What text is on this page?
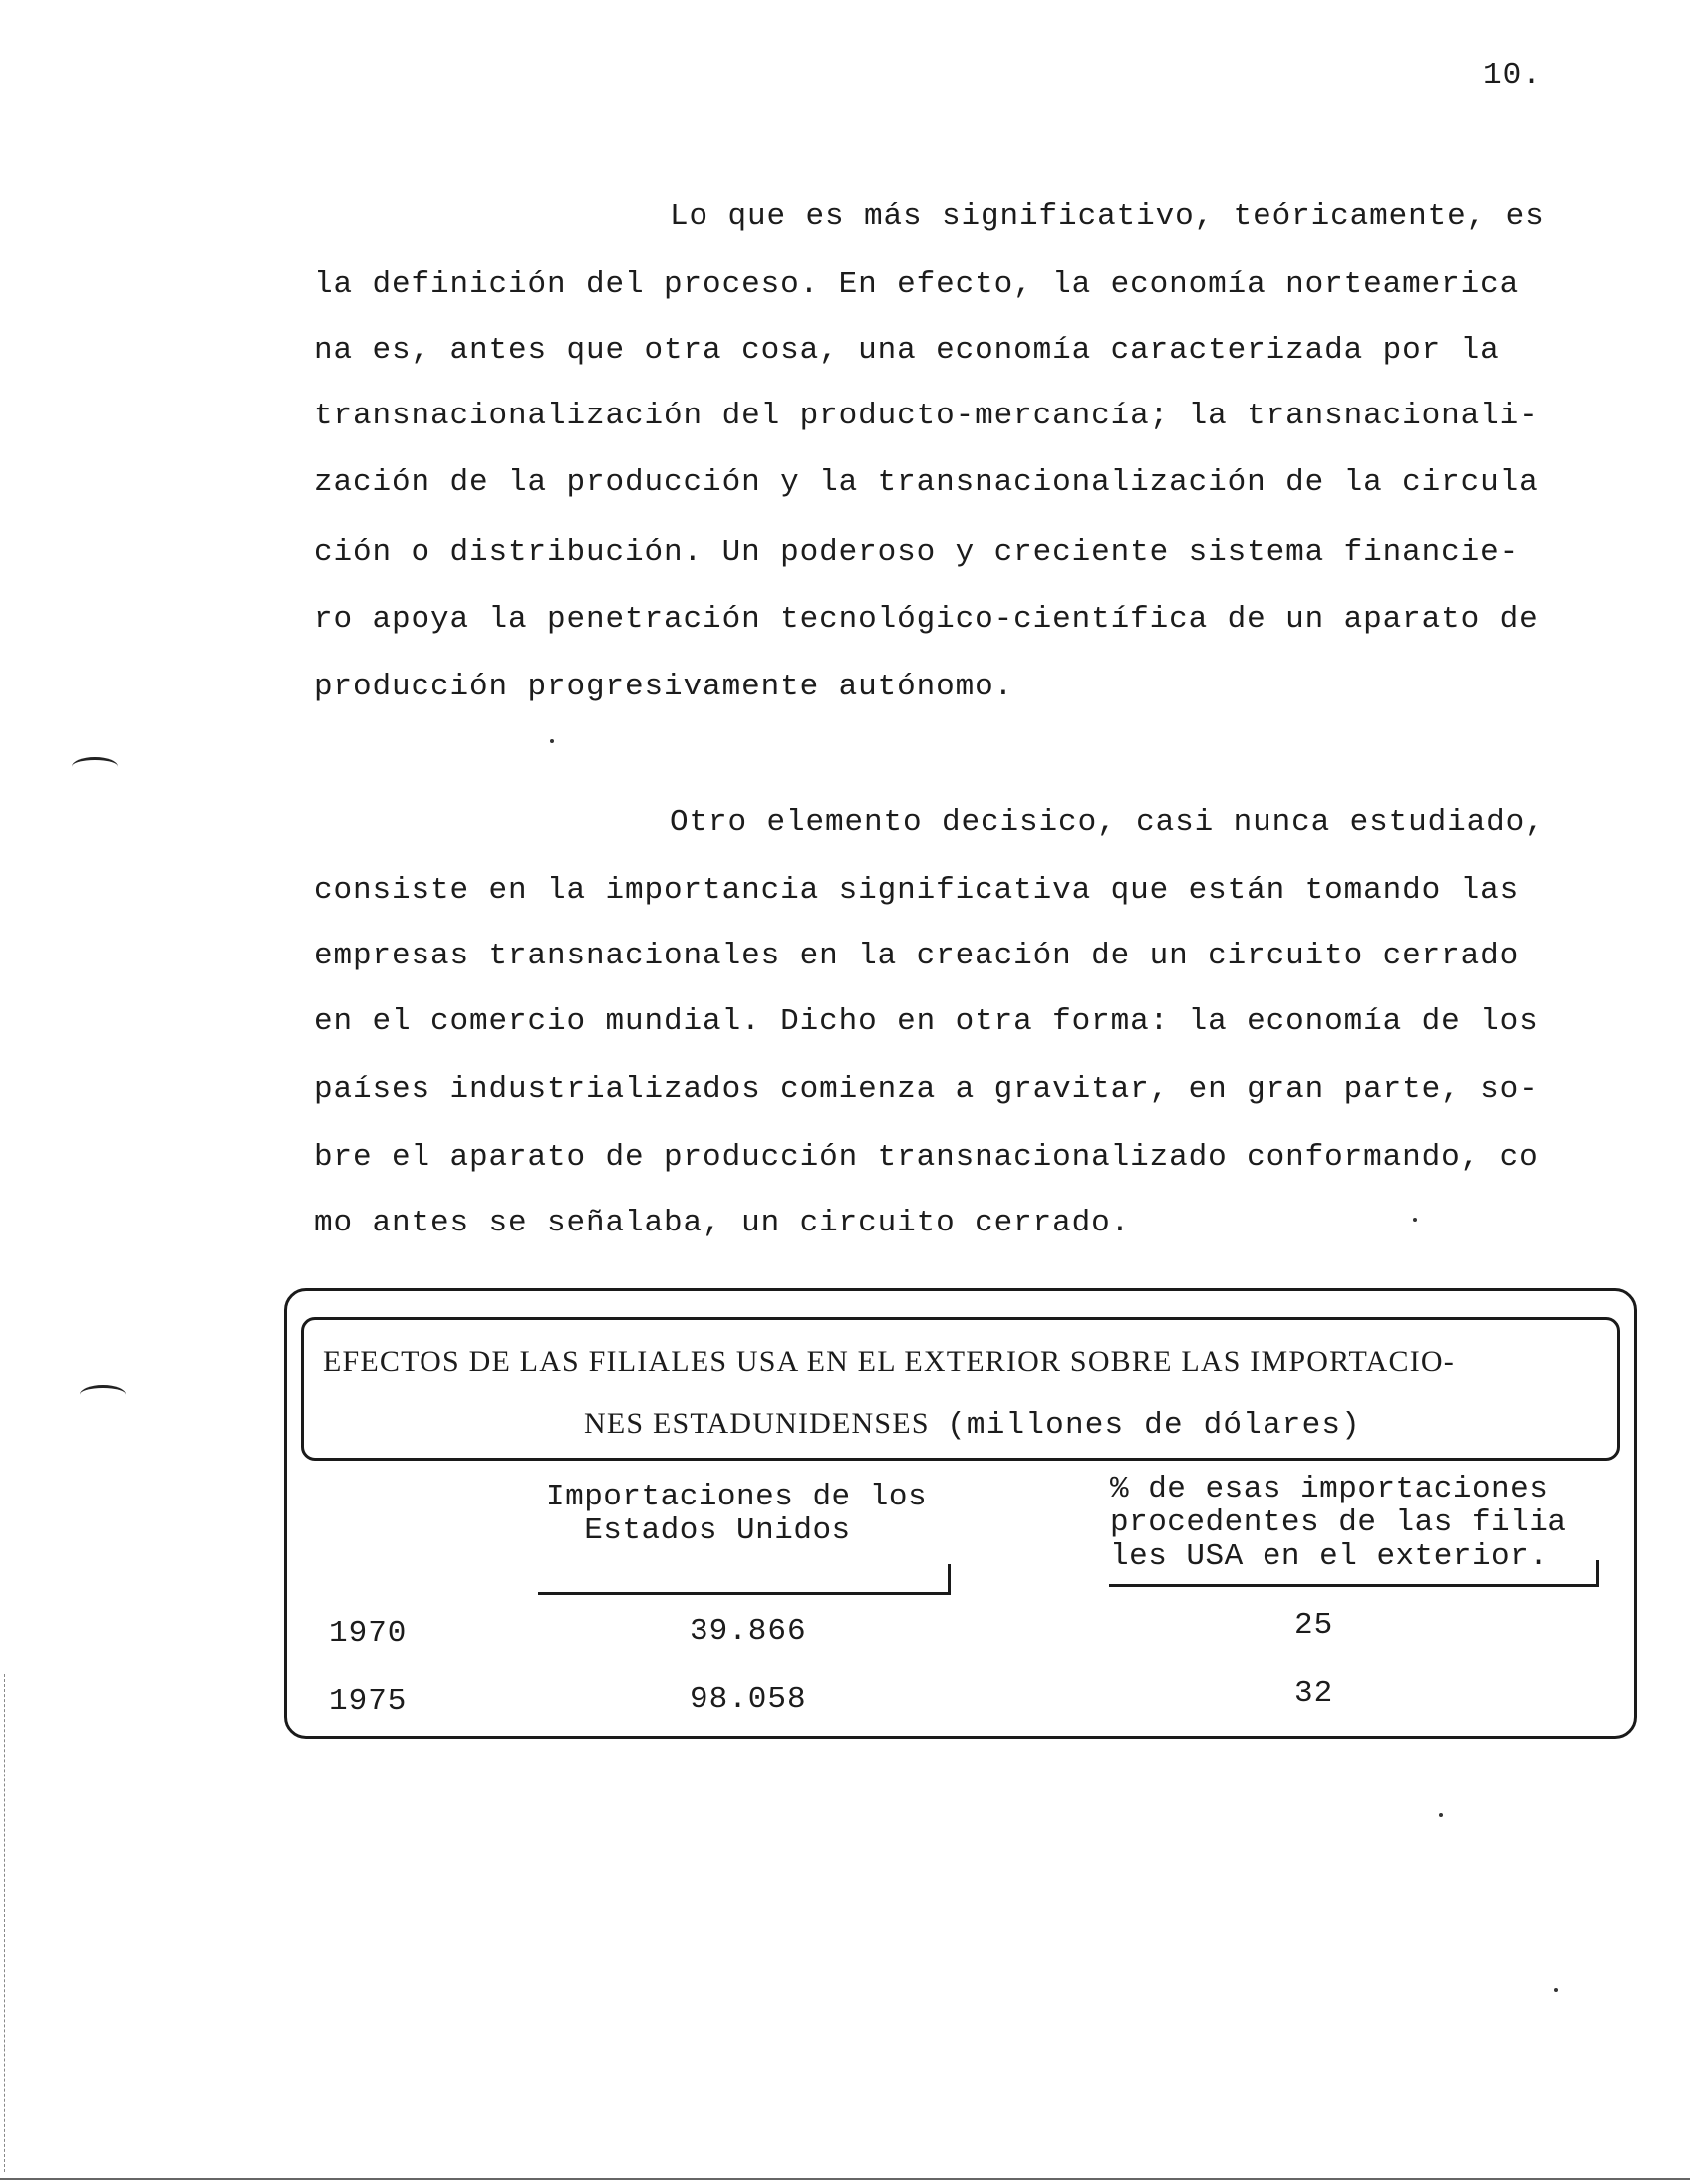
10.
Lo que es más significativo, teóricamente, es
la definición del proceso. En efecto, la economía norteamerica
na es, antes que otra cosa, una economía caracterizada por la
transnacionalización del producto-mercancía; la transnacionali-
zación de la producción y la transnacionalización de la circula
ción o distribución. Un poderoso y creciente sistema financie-
ro apoya la penetración tecnológico-científica de un aparato de
producción progresivamente autónomo.
Otro elemento decisico, casi nunca estudiado,
consiste en la importancia significativa que están tomando las
empresas transnacionales en la creación de un circuito cerrado
en el comercio mundial. Dicho en otra forma: la economía de los
países industrializados comienza a gravitar, en gran parte, so-
bre el aparato de producción transnacionalizado conformando, co
mo antes se señalaba, un circuito cerrado.
EFECTOS DE LAS FILIALES USA EN EL EXTERIOR SOBRE LAS IMPORTACIO-
NES ESTADUNIDENSES (millones de dólares)
Importaciones de los
Estados Unidos
% de esas importaciones
procedentes de las filia
les USA en el exterior.
1970	39.866	25
1975	98.058	32
